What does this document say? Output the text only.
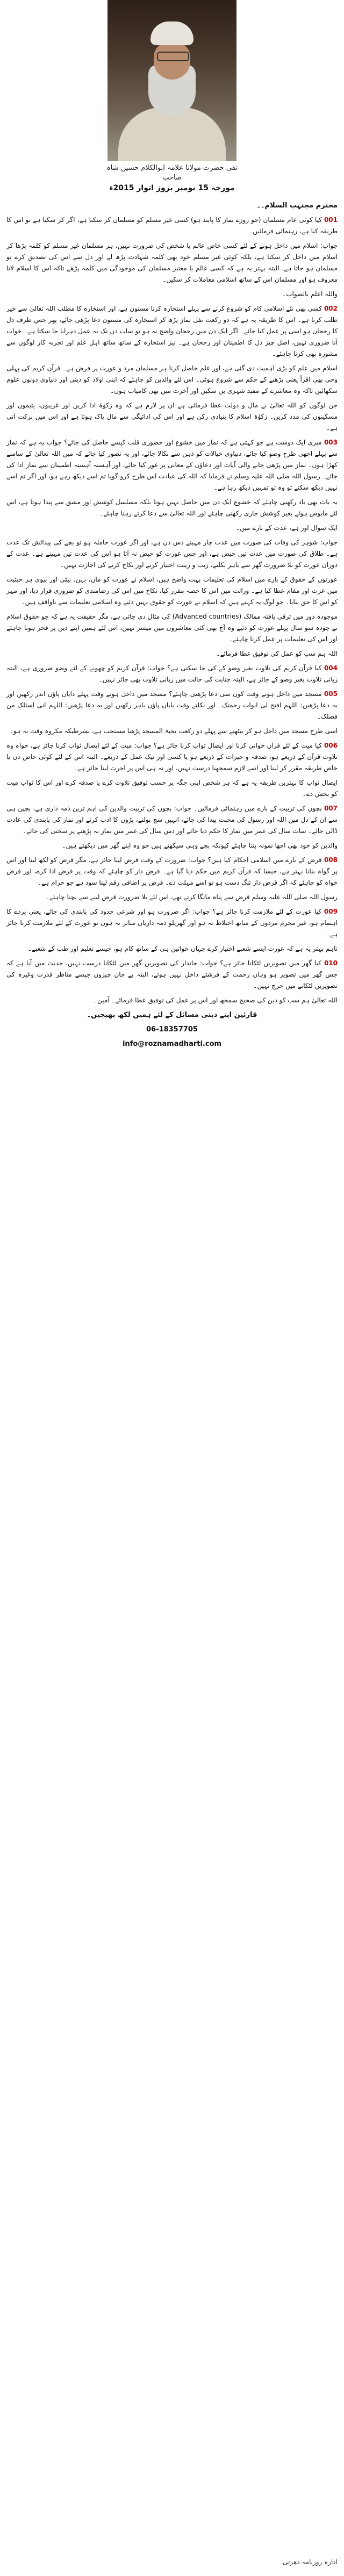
تقی حضرت مولانا علامہ ابوالکلام حسین شاہ صاحب
مورخہ 15 نومبر بروز اتوار 2015ء

محترم مجتہب السلام۔۔

001 کیا کوئی عام مسلمان (جو روزے نماز کا پابند ہو) کسی غیر مسلم کو مسلمان کر سکتا ہے، اگر کر سکتا ہے تو اس کا طریقہ کیا ہے، رہنمائی فرمائیں۔

جواب: اسلام میں داخل ہونے کے لئے کسی خاص عالم یا شخص کی ضرورت نہیں، ہر مسلمان غیر مسلم کو کلمہ پڑھا کر اسلام میں داخل کر سکتا ہے، بلکہ کوئی غیر مسلم خود بھی کلمہ شہادت پڑھ لے اور دل سے اس کی تصدیق کرے تو مسلمان ہو جاتا ہے، البتہ بہتر یہ ہے کہ کسی عالم یا معتبر مسلمان کی موجودگی میں کلمہ پڑھے تاکہ اس کا اسلام لانا معروف ہو اور مسلمان اس کے ساتھ اسلامی معاملات کر سکیں۔

واللہ اعلم بالصواب۔

002 کسی بھی نئے اسلامی کام کو شروع کرنے سے پہلے استخارہ کرنا مسنون ہے، اور استخارہ کا مطلب اللہ تعالیٰ سے خیر طلب کرنا ہے۔ اس کا طریقہ یہ ہے کہ دو رکعت نفل نماز پڑھ کر استخارہ کی مسنون دعا پڑھی جائے، پھر جس طرف دل کا رجحان ہو اسی پر عمل کیا جائے۔ اگر ایک دن میں رجحان واضح نہ ہو تو سات دن تک یہ عمل دہرایا جا سکتا ہے۔ خواب آنا ضروری نہیں، اصل چیز دل کا اطمینان اور رجحان ہے۔ نیز استخارہ کے ساتھ ساتھ اہل علم اور تجربہ کار لوگوں سے مشورہ بھی کرنا چاہئے۔

اسلام میں علم کو بڑی اہمیت دی گئی ہے، اور علم حاصل کرنا ہر مسلمان مرد و عورت پر فرض ہے۔ قرآن کریم کی پہلی وحی بھی اقرأ یعنی پڑھنے کے حکم سے شروع ہوئی۔ اس لئے والدین کو چاہئے کہ اپنی اولاد کو دینی اور دنیاوی دونوں علوم سکھائیں تاکہ وہ معاشرے کے مفید شہری بن سکیں اور آخرت میں بھی کامیاب ہوں۔

جن لوگوں کو اللہ تعالیٰ نے مال و دولت عطا فرمائی ہے ان پر لازم ہے کہ وہ زکوٰۃ ادا کریں اور غریبوں، یتیموں اور مسکینوں کی مدد کریں۔ زکوٰۃ اسلام کا بنیادی رکن ہے اور اس کی ادائیگی سے مال پاک ہوتا ہے اور اس میں برکت آتی ہے۔

003 میری ایک دوست ہے جو کہتی ہے کہ نماز میں خشوع اور حضوری قلب کیسے حاصل کی جائے؟ جواب یہ ہے کہ نماز سے پہلے اچھی طرح وضو کیا جائے، دنیاوی خیالات کو ذہن سے نکالا جائے، اور یہ تصور کیا جائے کہ میں اللہ تعالیٰ کے سامنے کھڑا ہوں۔ نماز میں پڑھی جانے والی آیات اور دعاؤں کے معانی پر غور کیا جائے، اور آہستہ آہستہ اطمینان سے نماز ادا کی جائے۔ رسول اللہ صلی اللہ علیہ وسلم نے فرمایا کہ اللہ کی عبادت اس طرح کرو گویا تم اسے دیکھ رہے ہو، اور اگر تم اسے نہیں دیکھ سکتے تو وہ تو تمہیں دیکھ رہا ہے۔

یہ بات بھی یاد رکھنی چاہئے کہ خشوع ایک دن میں حاصل نہیں ہوتا بلکہ مسلسل کوشش اور مشق سے پیدا ہوتا ہے، اس لئے مایوس ہوئے بغیر کوشش جاری رکھنی چاہئے اور اللہ تعالیٰ سے دعا کرتے رہنا چاہئے۔

ایک سوال اور ہے، عدت کے بارے میں۔

جواب: شوہر کی وفات کی صورت میں عدت چار مہینے دس دن ہے، اور اگر عورت حاملہ ہو تو بچے کی پیدائش تک عدت ہے۔ طلاق کی صورت میں عدت تین حیض ہے، اور جس عورت کو حیض نہ آتا ہو اس کی عدت تین مہینے ہے۔ عدت کے دوران عورت کو بلا ضرورت گھر سے باہر نکلنے، زیب و زینت اختیار کرنے اور نکاح کرنے کی اجازت نہیں۔

عورتوں کے حقوق کے بارے میں اسلام کی تعلیمات بہت واضح ہیں، اسلام نے عورت کو ماں، بہن، بیٹی اور بیوی ہر حیثیت میں عزت اور مقام عطا کیا ہے۔ وراثت میں اس کا حصہ مقرر کیا، نکاح میں اس کی رضامندی کو ضروری قرار دیا، اور مہر کو اس کا حق بنایا۔ جو لوگ یہ کہتے ہیں کہ اسلام نے عورت کو حقوق نہیں دئیے وہ اسلامی تعلیمات سے ناواقف ہیں۔

موجودہ دور میں ترقی یافتہ ممالک (Advanced countries) کی مثال دی جاتی ہے، مگر حقیقت یہ ہے کہ جو حقوق اسلام نے چودہ سو سال پہلے عورت کو دئیے وہ آج بھی کئی معاشروں میں میسر نہیں، اس لئے ہمیں اپنے دین پر فخر ہونا چاہئے اور اس کی تعلیمات پر عمل کرنا چاہئے۔

اللہ ہم سب کو عمل کی توفیق عطا فرمائے۔

004 کیا قرآن کریم کی تلاوت بغیر وضو کے کی جا سکتی ہے؟ جواب: قرآن کریم کو چھونے کے لئے وضو ضروری ہے، البتہ زبانی تلاوت بغیر وضو کے جائز ہے، البتہ جنابت کی حالت میں زبانی تلاوت بھی جائز نہیں۔

005 مسجد میں داخل ہوتے وقت کون سی دعا پڑھنی چاہئے؟ مسجد میں داخل ہوتے وقت پہلے دایاں پاؤں اندر رکھیں اور یہ دعا پڑھیں: اللہم افتح لی ابواب رحمتک۔ اور نکلتے وقت بایاں پاؤں باہر رکھیں اور یہ دعا پڑھیں: اللہم انی اسئلک من فضلک۔

اسی طرح مسجد میں داخل ہو کر بیٹھنے سے پہلے دو رکعت تحیۃ المسجد پڑھنا مستحب ہے، بشرطیکہ مکروہ وقت نہ ہو۔

006 کیا میت کے لئے قرآن خوانی کرنا اور ایصال ثواب کرنا جائز ہے؟ جواب: میت کے لئے ایصال ثواب کرنا جائز ہے، خواہ وہ تلاوت قرآن کے ذریعے ہو، صدقہ و خیرات کے ذریعے ہو یا کسی اور نیک عمل کے ذریعے۔ البتہ اس کے لئے کوئی خاص دن یا خاص طریقہ مقرر کر لینا اور اسے لازم سمجھنا درست نہیں، اور نہ ہی اس پر اجرت لینا جائز ہے۔

ایصال ثواب کا بہترین طریقہ یہ ہے کہ ہر شخص اپنی جگہ پر حسب توفیق تلاوت کرے یا صدقہ کرے اور اس کا ثواب میت کو بخش دے۔

007 بچوں کی تربیت کے بارے میں رہنمائی فرمائیں۔ جواب: بچوں کی تربیت والدین کی اہم ترین ذمہ داری ہے، بچپن ہی سے ان کے دل میں اللہ اور رسول کی محبت پیدا کی جائے، انہیں سچ بولنے، بڑوں کا ادب کرنے اور نماز کی پابندی کی عادت ڈالی جائے۔ سات سال کی عمر میں نماز کا حکم دیا جائے اور دس سال کی عمر میں نماز نہ پڑھنے پر سختی کی جائے۔

والدین کو خود بھی اچھا نمونہ بننا چاہئے کیونکہ بچے وہی سیکھتے ہیں جو وہ اپنے گھر میں دیکھتے ہیں۔

008 قرض کے بارے میں اسلامی احکام کیا ہیں؟ جواب: ضرورت کے وقت قرض لینا جائز ہے، مگر قرض کو لکھ لینا اور اس پر گواہ بنانا بہتر ہے، جیسا کہ قرآن کریم میں حکم دیا گیا ہے۔ قرض دار کو چاہئے کہ وقت پر قرض ادا کرے، اور قرض خواہ کو چاہئے کہ اگر قرض دار تنگ دست ہو تو اسے مہلت دے۔ قرض پر اضافی رقم لینا سود ہے جو حرام ہے۔

رسول اللہ صلی اللہ علیہ وسلم قرض سے پناہ مانگا کرتے تھے، اس لئے بلا ضرورت قرض لینے سے بچنا چاہئے۔

009 کیا عورت کے لئے ملازمت کرنا جائز ہے؟ جواب: اگر ضرورت ہو اور شرعی حدود کی پابندی کی جائے، یعنی پردے کا اہتمام ہو، غیر محرم مردوں کے ساتھ اختلاط نہ ہو اور گھریلو ذمہ داریاں متاثر نہ ہوں تو عورت کے لئے ملازمت کرنا جائز ہے۔

تاہم بہتر یہ ہے کہ عورت ایسے شعبے اختیار کرے جہاں خواتین ہی کے ساتھ کام ہو، جیسے تعلیم اور طب کے شعبے۔

010 کیا گھر میں تصویریں لٹکانا جائز ہے؟ جواب: جاندار کی تصویریں گھر میں لٹکانا درست نہیں، حدیث میں آیا ہے کہ جس گھر میں تصویر ہو وہاں رحمت کے فرشتے داخل نہیں ہوتے، البتہ بے جان چیزوں جیسے مناظر قدرت وغیرہ کی تصویریں لٹکانے میں حرج نہیں۔

اللہ تعالیٰ ہم سب کو دین کی صحیح سمجھ اور اس پر عمل کی توفیق عطا فرمائے۔ آمین۔

قارئین اپنے دینی مسائل کے لئے ہمیں لکھ بھیجیں۔

06-18357705

info@roznamadharti.com

ادارہ روزنامہ دھرتی
